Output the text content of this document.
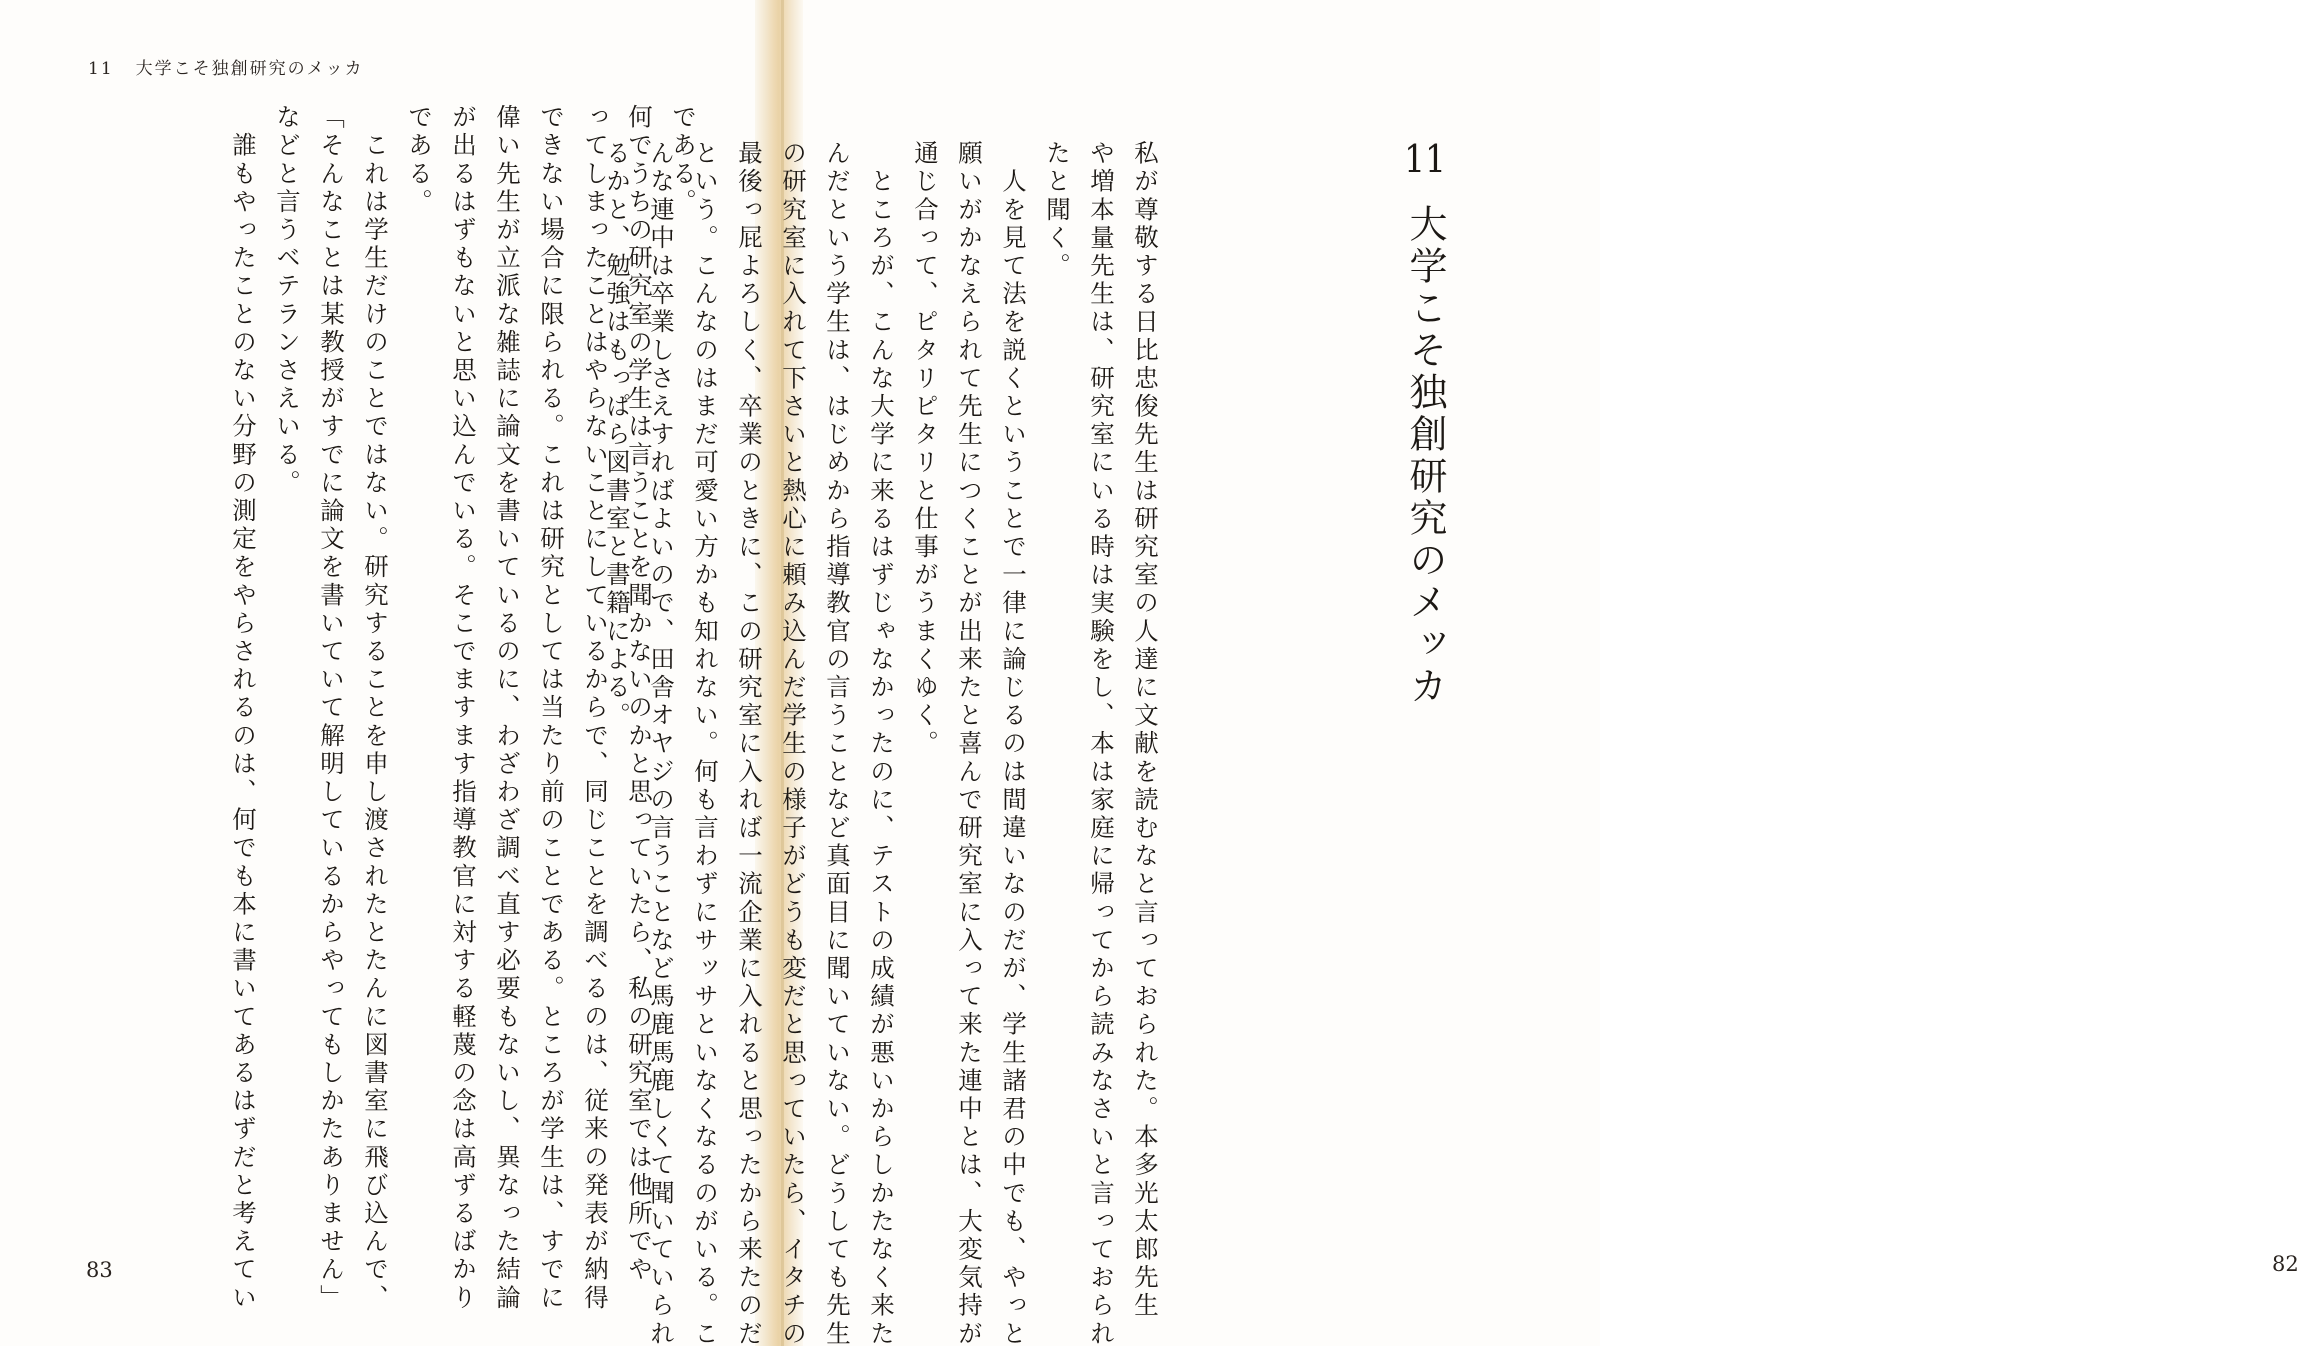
11 大学こそ独創研究のメッカ
83	82
私が尊敬する日比忠俊先生は研究室の人達に文献を読むなと言っておられた。本多光太郎先生
や増本量先生は、研究室にいる時は実験をし、本は家庭に帰ってから読みなさいと言っておられ
たと聞く。
　人を見て法を説くということで一律に論じるのは間違いなのだが、学生諸君の中でも、やっと
願いがかなえられて先生につくことが出来たと喜んで研究室に入って来た連中とは、大変気持が
通じ合って、ピタリピタリと仕事がうまくゆく。
　ところが、こんな大学に来るはずじゃなかったのに、テストの成績が悪いからしかたなく来た
んだという学生は、はじめから指導教官の言うことなど真面目に聞いていない。どうしても先生
の研究室に入れて下さいと熱心に頼み込んだ学生の様子がどうも変だと思っていたら、イタチの
最後っ屁よろしく、卒業のときに、この研究室に入れば一流企業に入れると思ったから来たのだ
という。こんなのはまだ可愛い方かも知れない。何も言わずにサッサといなくなるのがいる。こ
んな連中は卒業しさえすればよいので、田舎オヤジの言うことなど馬鹿馬鹿しくて聞いていられ
るかと、勉強はもっぱら図書室と書籍による。	11大学こそ独創研究のメッカ
である。
何でうちの研究室の学生は言うことを聞かないのかと思っていたら、私の研究室では他所でや
ってしまったことはやらないことにしているからで、同じことを調べるのは、従来の発表が納得
できない場合に限られる。これは研究としては当たり前のことである。ところが学生は、すでに
偉い先生が立派な雑誌に論文を書いているのに、わざわざ調べ直す必要もないし、異なった結論
が出るはずもないと思い込んでいる。そこでますます指導教官に対する軽蔑の念は高ずるばかり
である。
　これは学生だけのことではない。研究することを申し渡されたとたんに図書室に飛び込んで、
「そんなことは某教授がすでに論文を書いていて解明しているからやってもしかたありません」
などと言うベテランさえいる。
　誰もやったことのない分野の測定をやらされるのは、何でも本に書いてあるはずだと考えてい
